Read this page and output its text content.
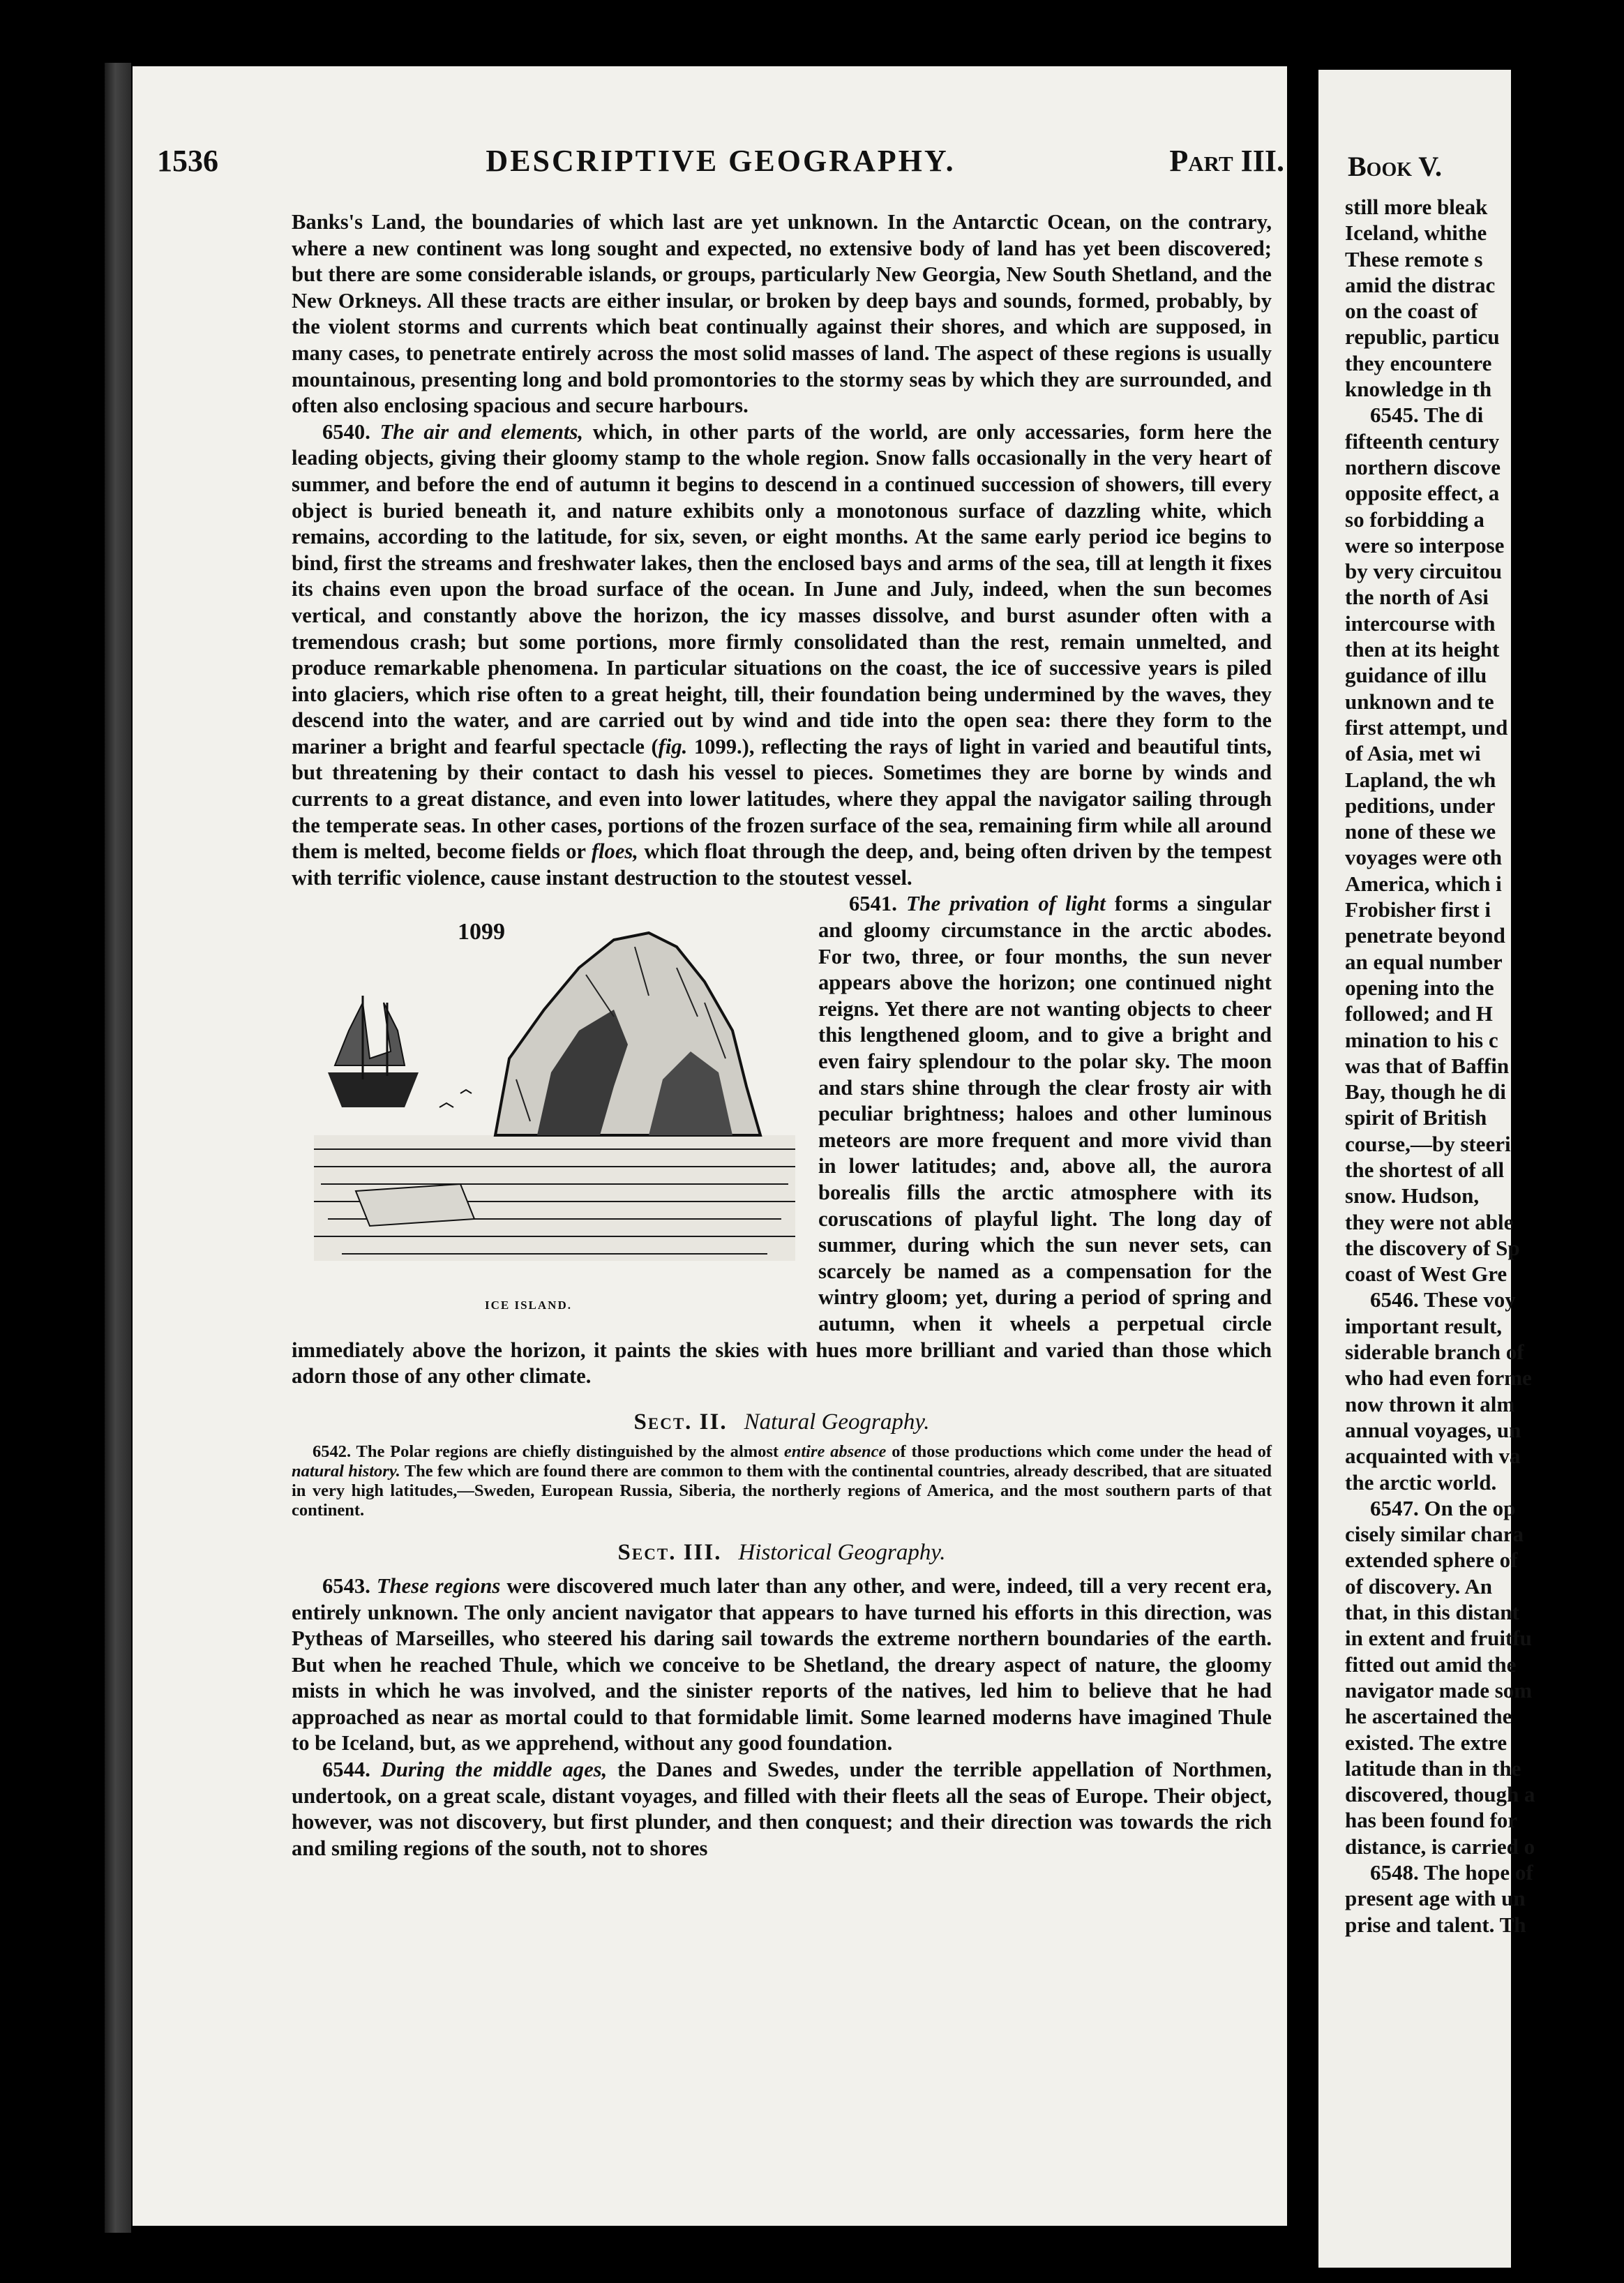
1536	DESCRIPTIVE GEOGRAPHY.	Part III.

Banks's Land, the boundaries of which last are yet unknown. In the Antarctic Ocean, on the contrary, where a new continent was long sought and expected, no extensive body of land has yet been discovered; but there are some considerable islands, or groups, particularly New Georgia, New South Shetland, and the New Orkneys. All these tracts are either insular, or broken by deep bays and sounds, formed, probably, by the violent storms and currents which beat continually against their shores, and which are supposed, in many cases, to penetrate entirely across the most solid masses of land. The aspect of these regions is usually mountainous, presenting long and bold promontories to the stormy seas by which they are surrounded, and often also enclosing spacious and secure harbours.

6540. The air and elements, which, in other parts of the world, are only accessaries, form here the leading objects, giving their gloomy stamp to the whole region. Snow falls occasionally in the very heart of summer, and before the end of autumn it begins to descend in a continued succession of showers, till every object is buried beneath it, and nature exhibits only a monotonous surface of dazzling white, which remains, according to the latitude, for six, seven, or eight months. At the same early period ice begins to bind, first the streams and freshwater lakes, then the enclosed bays and arms of the sea, till at length it fixes its chains even upon the broad surface of the ocean. In June and July, indeed, when the sun becomes vertical, and constantly above the horizon, the icy masses dissolve, and burst asunder often with a tremendous crash; but some portions, more firmly consolidated than the rest, remain unmelted, and produce remarkable phenomena. In particular situations on the coast, the ice of successive years is piled into glaciers, which rise often to a great height, till, their foundation being undermined by the waves, they descend into the water, and are carried out by wind and tide into the open sea: there they form to the mariner a bright and fearful spectacle (fig. 1099.), reflecting the rays of light in varied and beautiful tints, but threatening by their contact to dash his vessel to pieces. Sometimes they are borne by winds and currents to a great distance, and even into lower latitudes, where they appal the navigator sailing through the temperate seas. In other cases, portions of the frozen surface of the sea, remaining firm while all around them is melted, become fields or floes, which float through the deep, and, being often driven by the tempest with terrific violence, cause instant destruction to the stoutest vessel.

1099
ICE ISLAND.

6541. The privation of light forms a singular and gloomy circumstance in the arctic abodes. For two, three, or four months, the sun never appears above the horizon; one continued night reigns. Yet there are not wanting objects to cheer this lengthened gloom, and to give a bright and even fairy splendour to the polar sky. The moon and stars shine through the clear frosty air with peculiar brightness; haloes and other luminous meteors are more frequent and more vivid than in lower latitudes; and, above all, the aurora borealis fills the arctic atmosphere with its coruscations of playful light. The long day of summer, during which the sun never sets, can scarcely be named as a compensation for the wintry gloom; yet, during a period of spring and autumn, when it wheels a perpetual circle immediately above the horizon, it paints the skies with hues more brilliant and varied than those which adorn those of any other climate.

Sect. II. Natural Geography.

6542. The Polar regions are chiefly distinguished by the almost entire absence of those productions which come under the head of natural history. The few which are found there are common to them with the continental countries, already described, that are situated in very high latitudes,—Sweden, European Russia, Siberia, the northerly regions of America, and the most southern parts of that continent.

Sect. III. Historical Geography.

6543. These regions were discovered much later than any other, and were, indeed, till a very recent era, entirely unknown. The only ancient navigator that appears to have turned his efforts in this direction, was Pytheas of Marseilles, who steered his daring sail towards the extreme northern boundaries of the earth. But when he reached Thule, which we conceive to be Shetland, the dreary aspect of nature, the gloomy mists in which he was involved, and the sinister reports of the natives, led him to believe that he had approached as near as mortal could to that formidable limit. Some learned moderns have imagined Thule to be Iceland, but, as we apprehend, without any good foundation.

6544. During the middle ages, the Danes and Swedes, under the terrible appellation of Northmen, undertook, on a great scale, distant voyages, and filled with their fleets all the seas of Europe. Their object, however, was not discovery, but first plunder, and then conquest; and their direction was towards the rich and smiling regions of the south, not to shores

Book V.
still more bleak
Iceland, whithe
These remote s
amid the distrac
on the coast of
republic, particu
they encountere
knowledge in th
6545. The di
fifteenth century
northern discove
opposite effect, a
so forbidding a
were so interpose
by very circuitou
the north of Asi
intercourse with
then at its height
guidance of illu
unknown and te
first attempt, und
of Asia, met wi
Lapland, the wh
peditions, under
none of these we
voyages were oth
America, which i
Frobisher first i
penetrate beyond
an equal number
opening into the
followed; and H
mination to his c
was that of Baffin
Bay, though he di
spirit of British
course,—by steeri
the shortest of all
snow. Hudson,
they were not able
the discovery of Sp
coast of West Gre
6546. These voy
important result,
siderable branch of
who had even forme
now thrown it alm
annual voyages, un
acquainted with va
the arctic world.
6547. On the op
cisely similar chara
extended sphere of
of discovery. An
that, in this distant
in extent and fruitfu
fitted out amid the
navigator made som
he ascertained the
existed. The extre
latitude than in the
discovered, though a
has been found for
distance, is carried o
6548. The hope of
present age with un
prise and talent. Th
